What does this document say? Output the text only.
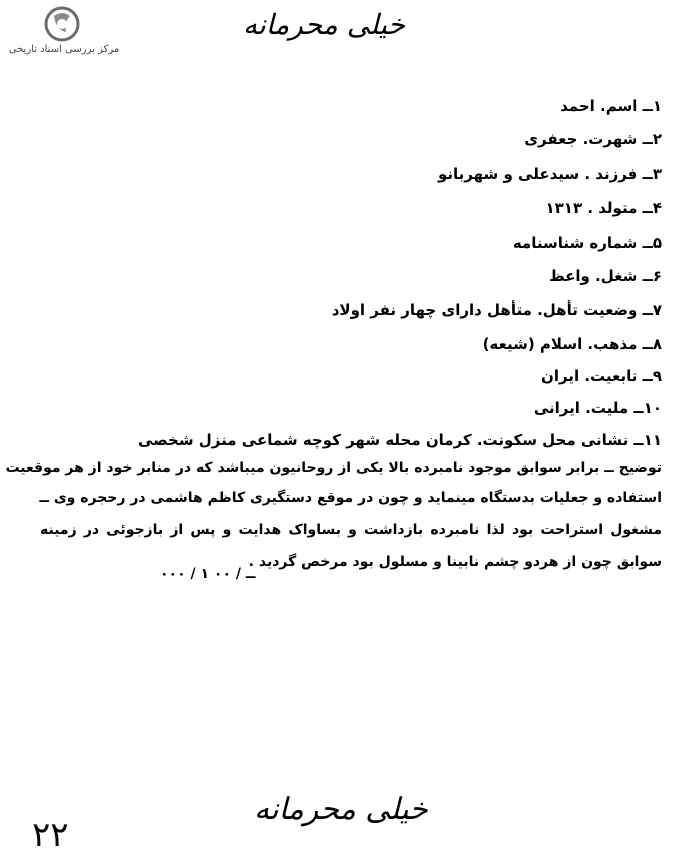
مرکز بررسی اسناد تاریخی
خیلی محرمانه
۱ــ اسم. احمد
۲ــ شهرت. جعفری
۳ــ فرزند . سیدعلی و شهربانو
۴ــ متولد . ۱۳۱۳
۵ــ شماره شناسنامه
۶ــ شغل. واعظ
۷ــ وضعیت تأهل. متأهل دارای چهار نفر اولاد
۸ــ مذهب. اسلام (شیعه)
۹ــ تابعیت. ایران
۱۰ــ ملیت. ایرانی
۱۱ــ نشانی محل سکونت. کرمان محله شهر کوچه شماعی منزل شخصی
توضیح ــ برابر سوابق موجود نامبرده بالا یکی از روحانیون میباشد که در منابر خود از هر موقعیت
استفاده و جعلیات بدستگاه مینماید و چون در موقع دستگیری کاظم هاشمی در رحجره وی ــ
مشغول استراحت بود لذا نامبرده بازداشت و بساواک هدایت و پس از بازجوئی در زمینه
سوابق چون از هردو چشم نابینا و مسلول بود مرخص گردید .
۰۰۰ / ۱ ــ / ۰۰
خیلی محرمانه
۲۲
